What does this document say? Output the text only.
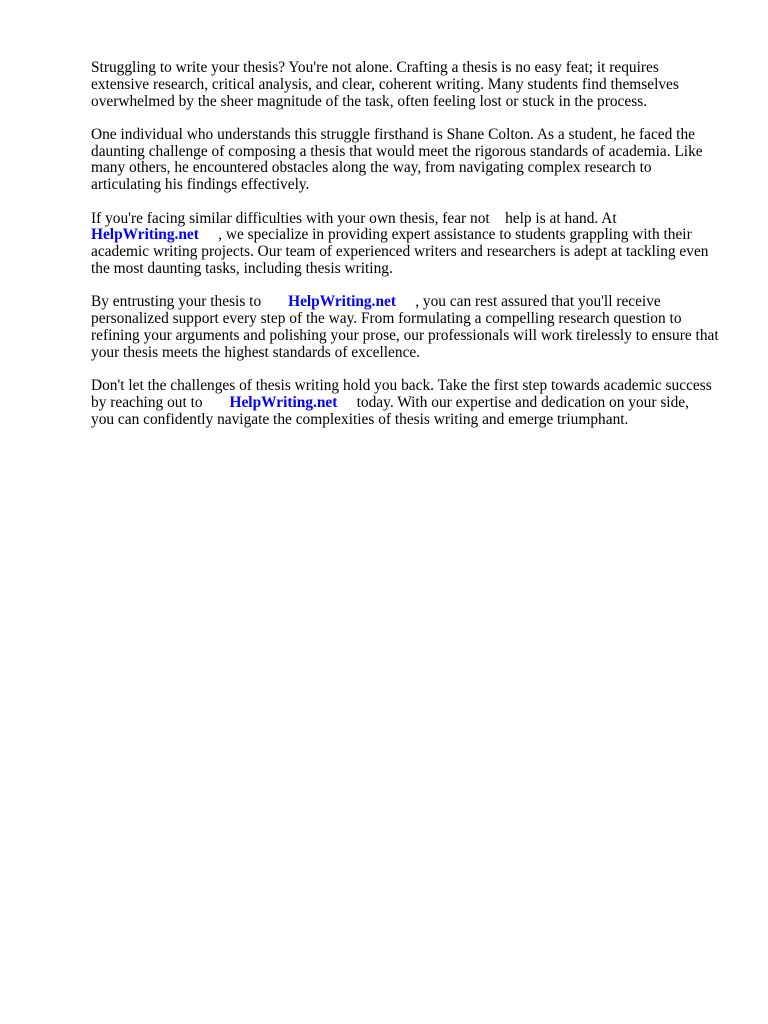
Struggling to write your thesis? You're not alone. Crafting a thesis is no easy feat; it requires
extensive research, critical analysis, and clear, coherent writing. Many students find themselves
overwhelmed by the sheer magnitude of the task, often feeling lost or stuck in the process.

One individual who understands this struggle firsthand is Shane Colton. As a student, he faced the
daunting challenge of composing a thesis that would meet the rigorous standards of academia. Like
many others, he encountered obstacles along the way, from navigating complex research to
articulating his findings effectively.

If you're facing similar difficulties with your own thesis, fear not    help is at hand. At
HelpWriting.net     , we specialize in providing expert assistance to students grappling with their
academic writing projects. Our team of experienced writers and researchers is adept at tackling even
the most daunting tasks, including thesis writing.

By entrusting your thesis to       HelpWriting.net     , you can rest assured that you'll receive
personalized support every step of the way. From formulating a compelling research question to
refining your arguments and polishing your prose, our professionals will work tirelessly to ensure that
your thesis meets the highest standards of excellence.

Don't let the challenges of thesis writing hold you back. Take the first step towards academic success
by reaching out to       HelpWriting.net     today. With our expertise and dedication on your side,
you can confidently navigate the complexities of thesis writing and emerge triumphant.
